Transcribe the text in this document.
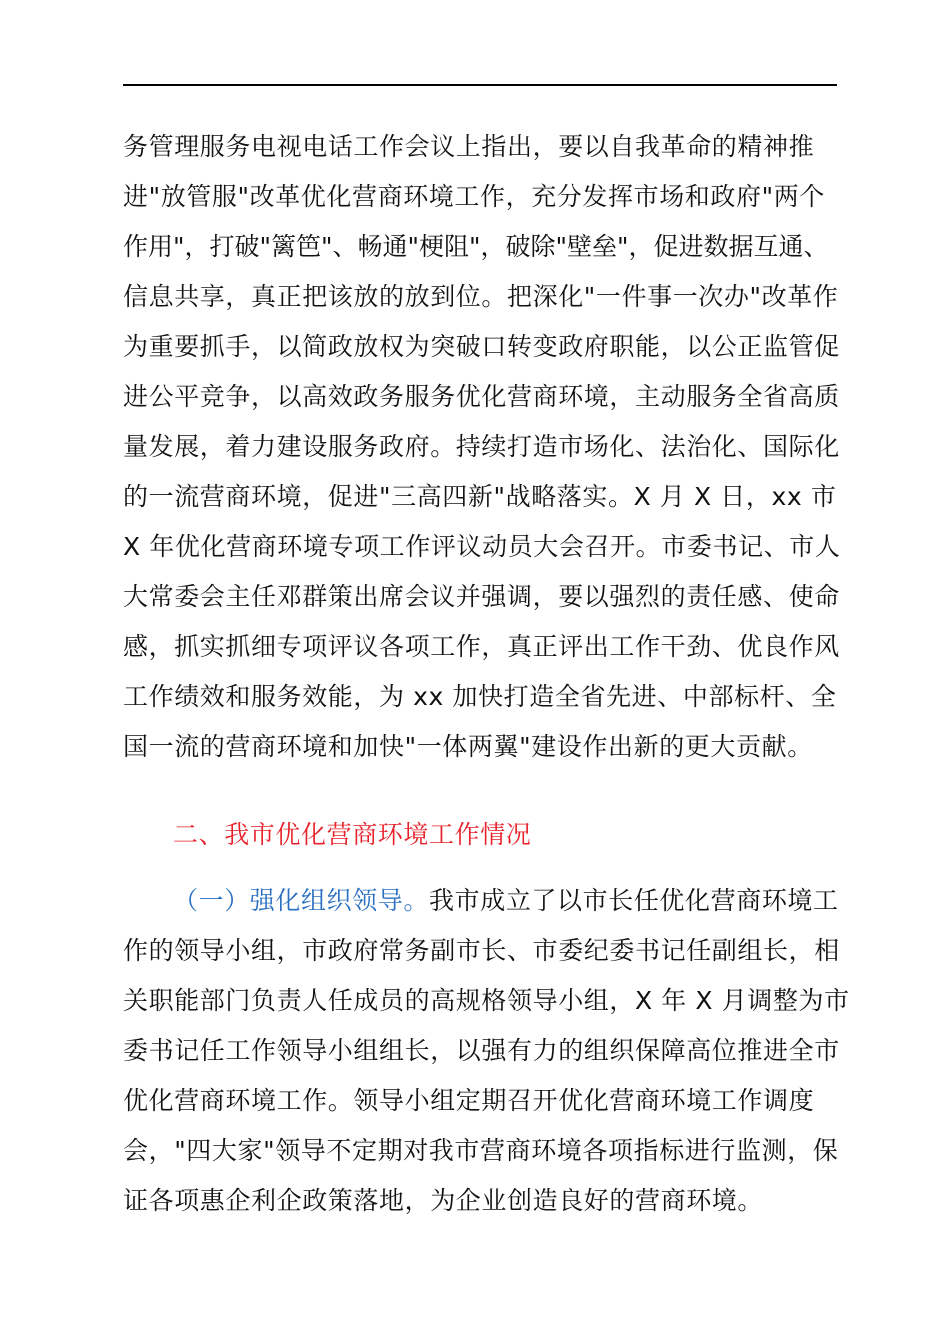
务管理服务电视电话工作会议上指出，要以自我革命的精神推
进"放管服"改革优化营商环境工作，充分发挥市场和政府"两个
作用"，打破"篱笆"、畅通"梗阻"，破除"壁垒"，促进数据互通、
信息共享，真正把该放的放到位。把深化"一件事一次办"改革作
为重要抓手，以简政放权为突破口转变政府职能，以公正监管促
进公平竞争，以高效政务服务优化营商环境，主动服务全省高质
量发展，着力建设服务政府。持续打造市场化、法治化、国际化
的一流营商环境，促进"三高四新"战略落实。X 月 X 日，xx 市
X 年优化营商环境专项工作评议动员大会召开。市委书记、市人
大常委会主任邓群策出席会议并强调，要以强烈的责任感、使命
感，抓实抓细专项评议各项工作，真正评出工作干劲、优良作风
工作绩效和服务效能，为 xx 加快打造全省先进、中部标杆、全
国一流的营商环境和加快"一体两翼"建设作出新的更大贡献。
二、我市优化营商环境工作情况
（一）强化组织领导。我市成立了以市长任优化营商环境工
作的领导小组，市政府常务副市长、市委纪委书记任副组长，相
关职能部门负责人任成员的高规格领导小组，X 年 X 月调整为市
委书记任工作领导小组组长，以强有力的组织保障高位推进全市
优化营商环境工作。领导小组定期召开优化营商环境工作调度
会，"四大家"领导不定期对我市营商环境各项指标进行监测，保
证各项惠企利企政策落地，为企业创造良好的营商环境。
